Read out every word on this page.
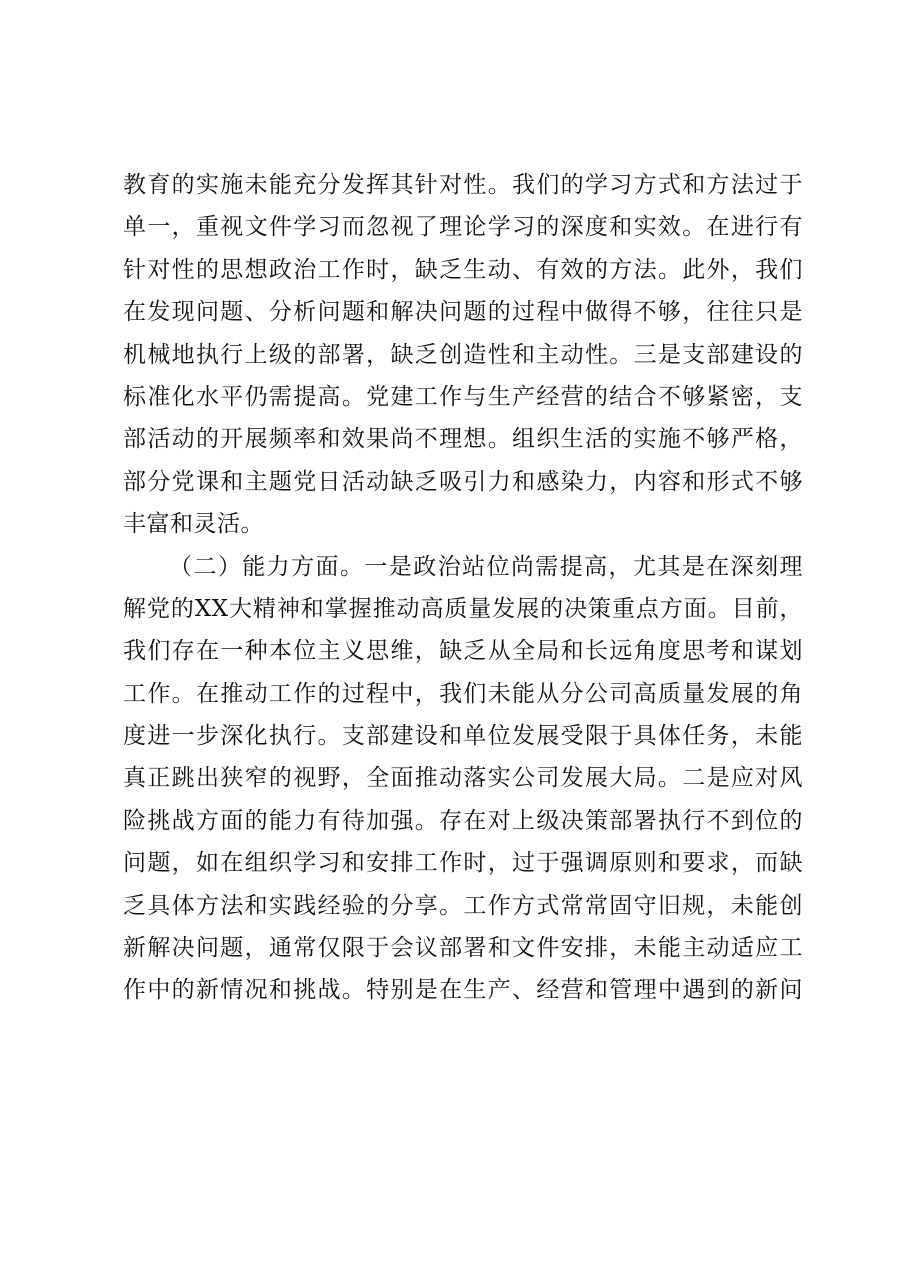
教育的实施未能充分发挥其针对性。我们的学习方式和方法过于
单一，重视文件学习而忽视了理论学习的深度和实效。在进行有
针对性的思想政治工作时，缺乏生动、有效的方法。此外，我们
在发现问题、分析问题和解决问题的过程中做得不够，往往只是
机械地执行上级的部署，缺乏创造性和主动性。三是支部建设的
标准化水平仍需提高。党建工作与生产经营的结合不够紧密，支
部活动的开展频率和效果尚不理想。组织生活的实施不够严格，
部分党课和主题党日活动缺乏吸引力和感染力，内容和形式不够
丰富和灵活。
（二）能力方面。一是政治站位尚需提高，尤其是在深刻理
解党的XX大精神和掌握推动高质量发展的决策重点方面。目前，
我们存在一种本位主义思维，缺乏从全局和长远角度思考和谋划
工作。在推动工作的过程中，我们未能从分公司高质量发展的角
度进一步深化执行。支部建设和单位发展受限于具体任务，未能
真正跳出狭窄的视野，全面推动落实公司发展大局。二是应对风
险挑战方面的能力有待加强。存在对上级决策部署执行不到位的
问题，如在组织学习和安排工作时，过于强调原则和要求，而缺
乏具体方法和实践经验的分享。工作方式常常固守旧规，未能创
新解决问题，通常仅限于会议部署和文件安排，未能主动适应工
作中的新情况和挑战。特别是在生产、经营和管理中遇到的新问
